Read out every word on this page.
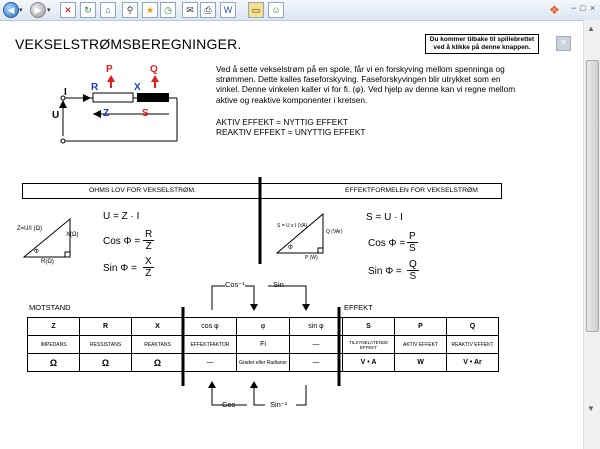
◀ ▾	▶ ▾	✕	↻	⌂	⚲	★	◷	✉	⎙	W	▭	☺	❖ − □ ×
▲
▼
VEKSELSTRØMSBEREGNINGER.	Du kommer tilbake til spillebrettet ved å klikke på denne knappen.	×
Ved å sette vekselstrøm på en spole, får vi en forskyving mellom spenninga og strømmen. Dette kalles faseforskyving. Faseforskyvingen blir utrykket som en vinkel. Denne vinkelen kaller vi for fi. (φ). Ved hjelp av denne kan vi regne mellom aktive og reaktive komponenter i kretsen.
AKTIV EFFEKT = NYTTIG EFFEKT
REAKTIV EFFEKT = UNYTTIG EFFEKT
I
U
R	X
Z	S
P	Q
OHMS LOV FOR VEKSELSTRØM.	EFFEKTFORMELEN FOR VEKSELSTRØM
Z=U/I (Ω)
X(Ω)
R(Ω)
Φ
U = Z · I
Cos $\Phi = \frac{R}{Z}$
Sin $\Phi = \frac{X}{Z}$
S = U x I (VA)
Q (VAr)
P (W)
Φ
S = U · I
Cos $\Phi = \frac{P}{S}$
Sin $\Phi = \frac{Q}{S}$
Cos⁻¹	Sin
Cos	Sin⁻¹
MOTSTAND	EFFEKT
Z	R	X	cos φ	φ	sin φ	S	P	Q
IMPEDANS	RESSISTANS	REAKTANS	EFFEKTFAKTOR	Fi	—	TILSYNELATENDE EFFEKT	AKTIV EFFEKT	REAKTIV EFFEKT
Ω	Ω	Ω	—	Grader eller Radianer	—	V • A	W	V • Ar
